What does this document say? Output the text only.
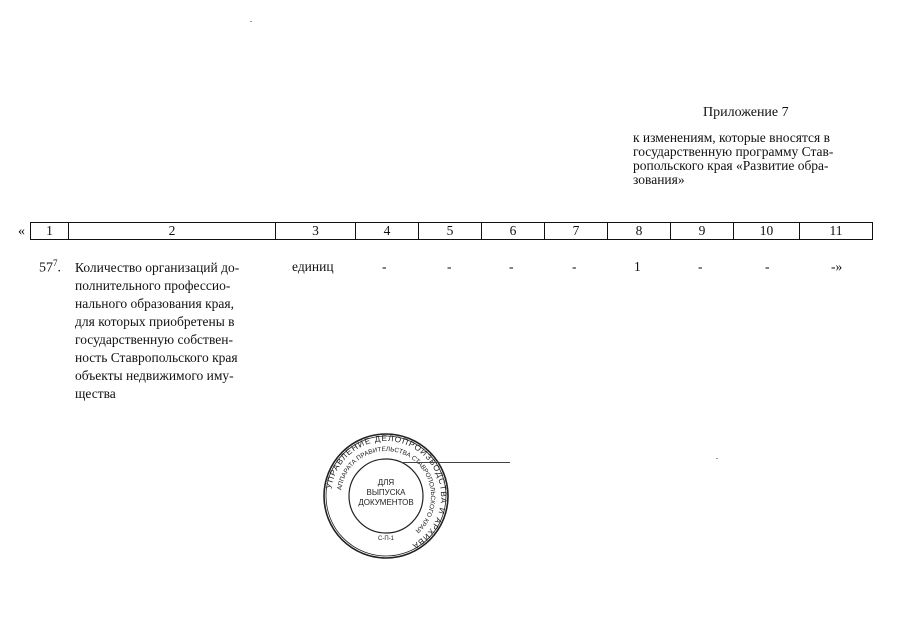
Приложение 7
к изменениям, которые вносятся в
государственную программу Став-
ропольского края «Развитие обра-
зования»
« 1	2	3	4	5	6	7	8	9	10	11
$57^7$. Количество организаций до-
полнительного профессио-
нального образования края,
для которых приобретены в
государственную собствен-
ность Ставропольского края
объекты недвижимого иму-
щества
единиц	-	-	-	-	1	-	-	-»
УПРАВЛЕНИЕ ДЕЛОПРОИЗВОДСТВА И АРХИВА
АППАРАТА ПРАВИТЕЛЬСТВА СТАВРОПОЛЬСКОГО КРАЯ
ДЛЯ
ВЫПУСКА
ДОКУМЕНТОВ
С-П-1
